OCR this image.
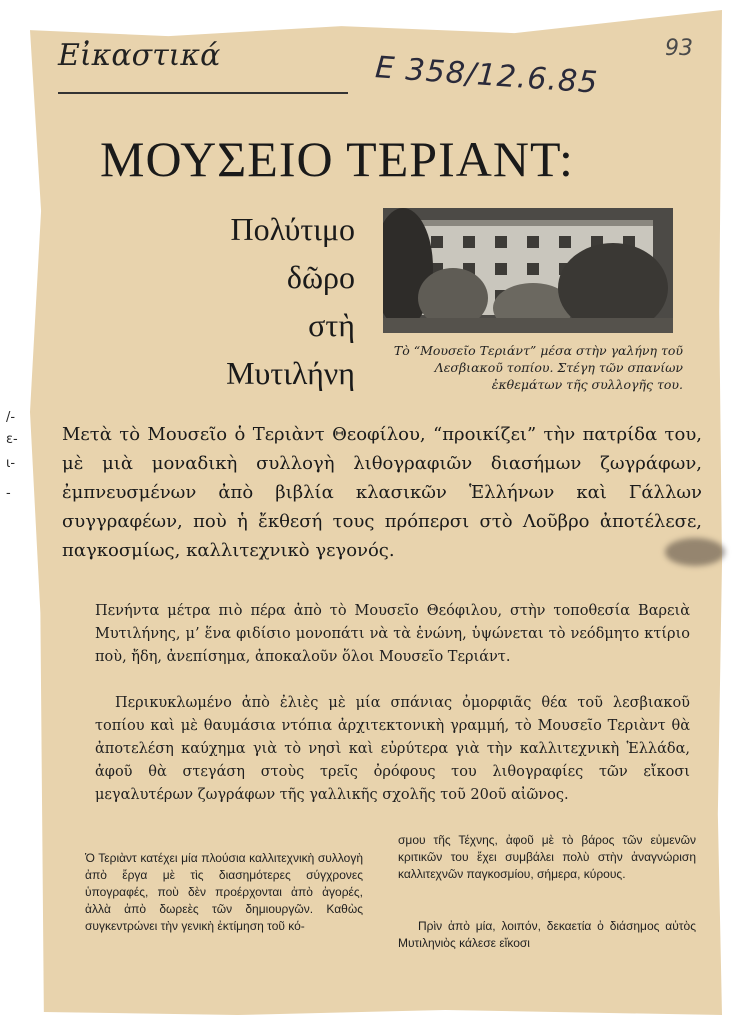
Εἰκαστικά	Ε 358/12.6.85
93
ΜΟΥΣΕΙΟ ΤΕΡΙΑΝΤ:
Πολύτιμο
δῶρο
στὴ
Μυτιλήνη
Τὸ “Μουσεῖο Τεριάντ” μέσα στὴν γαλήνη τοῦ Λεσβιακοῦ τοπίου. Στέγη τῶν σπανίων ἐκθεμάτων τῆς συλλογῆς του.
Μετὰ τὸ Μουσεῖο ὁ Τεριὰντ Θεοφίλου, “προικίζει” τὴν πατρίδα του, μὲ μιὰ μοναδικὴ συλλογὴ λιθογραφιῶν διασήμων ζωγράφων, ἐμπνευσμένων ἀπὸ βιβλία κλασικῶν Ἑλλήνων καὶ Γάλλων συγγραφέων, ποὺ ἡ ἔκθεσή τους πρόπερσι στὸ Λοῦβρο ἀποτέλεσε, παγκοσμίως, καλλιτεχνικὸ γεγονός.
Πενήντα μέτρα πιὸ πέρα ἀπὸ τὸ Μουσεῖο Θεόφιλου, στὴν τοποθεσία Βαρειὰ Μυτιλήνης, μ’ ἕνα φιδίσιο μονοπάτι νὰ τὰ ἑνώνη, ὑψώνεται τὸ νεόδμητο κτίριο ποὺ, ἤδη, ἀνεπίσημα, ἀποκαλοῦν ὅλοι Μουσεῖο Τεριάντ.
Περικυκλωμένο ἀπὸ ἐλιὲς μὲ μία σπάνιας ὀμορφιᾶς θέα τοῦ λεσβιακοῦ τοπίου καὶ μὲ θαυμάσια ντόπια ἀρχιτεκτονικὴ γραμμή, τὸ Μουσεῖο Τεριὰντ θὰ ἀποτελέση καύχημα γιὰ τὸ νησὶ καὶ εὐρύτερα γιὰ τὴν καλλιτεχνικὴ Ἑλλάδα, ἀφοῦ θὰ στεγάση στοὺς τρεῖς ὀρόφους του λιθογραφίες τῶν εἴκοσι μεγαλυτέρων ζωγράφων τῆς γαλλικῆς σχολῆς τοῦ 20οῦ αἰῶνος.
Ὁ Τεριὰντ κατέχει μία πλούσια καλλιτεχνικὴ συλλογὴ ἀπὸ ἔργα μὲ τὶς διασημότερες σύγχρονες ὑπογραφές, ποὺ δὲν προέρχονται ἀπὸ ἀγορές, ἀλλὰ ἀπὸ δωρεὲς τῶν δημιουργῶν. Καθὼς συγκεντρώνει τὴν γενικὴ ἐκτίμηση τοῦ κό-
σμου τῆς Τέχνης, ἀφοῦ μὲ τὸ βάρος τῶν εὐμενῶν κριτικῶν του ἔχει συμβάλει πολὺ στὴν ἀναγνώριση καλλιτεχνῶν παγκοσμίου, σήμερα, κύρους.
Πρὶν ἀπὸ μία, λοιπόν, δεκαετία ὁ διάσημος αὐτὸς Μυτιληνιὸς κάλεσε εἴκοσι
/-
ε-
ι-
-
